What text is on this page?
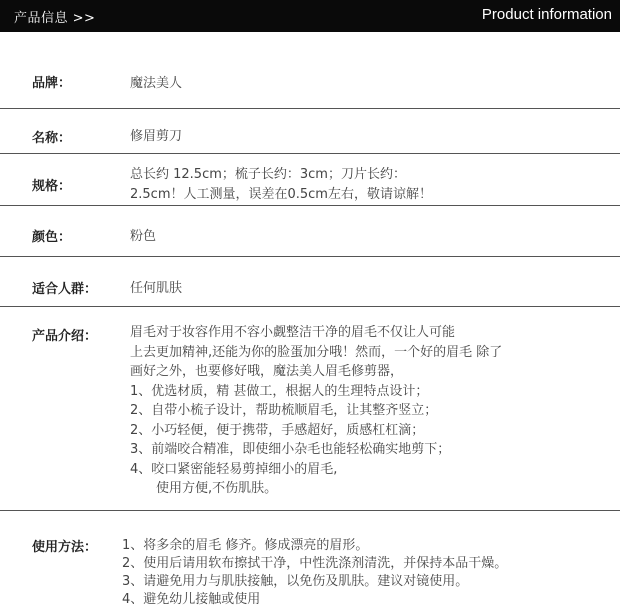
产品信息 >>	Product information
品牌：	魔法美人
名称：	修眉剪刀
规格：
总长约 12.5cm；梳子长约：3cm；刀片长约：
2.5cm！人工测量，误差在0.5cm左右，敬请谅解！
颜色：	粉色
适合人群：	任何肌肤
产品介绍：	眉毛对于妆容作用不容小觑整洁干净的眉毛不仅让人可能
上去更加精神,还能为你的脸蛋加分哦！然而，一个好的眉毛 除了
画好之外，也要修好哦，魔法美人眉毛修剪器，
1、优选材质，精 甚做工，根据人的生理特点设计；
2、自带小梳子设计，帮助梳顺眉毛，让其整齐竖立；
2、小巧轻便，便于携带，手感超好，质感杠杠滴；
3、前端咬合精准，即使细小杂毛也能轻松确实地剪下；
4、咬口紧密能轻易剪掉细小的眉毛,
使用方便,不伤肌肤。
使用方法： 1、将多余的眉毛 修齐。修成漂亮的眉形。
2、使用后请用软布擦拭干净，中性洗涤剂清洗，并保持本品干燥。
3、请避免用力与肌肤接触，以免伤及肌肤。建议对镜使用。
4、避免幼儿接触或使用
